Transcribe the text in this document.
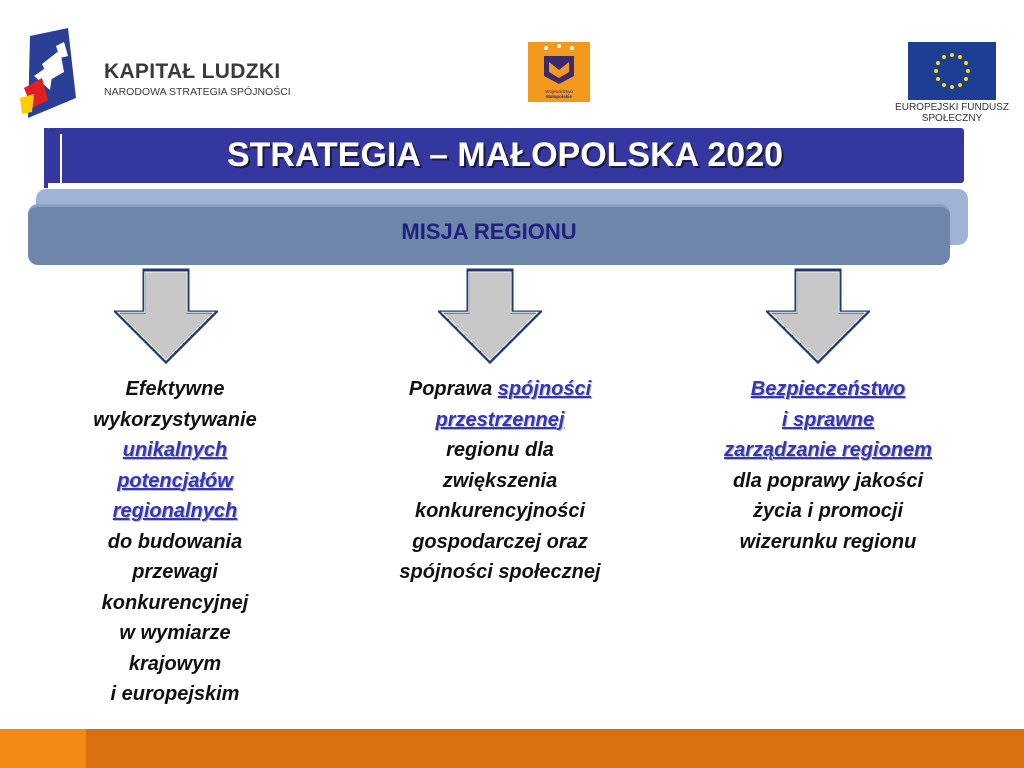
KAPITAŁ LUDZKI
NARODOWA STRATEGIA SPÓJNOŚCI	Województwo
Małopolskie
EUROPEJSKI FUNDUSZ
SPOŁECZNY
STRATEGIA – MAŁOPOLSKA 2020
MISJA REGIONU
Efektywne
wykorzystywanie
unikalnych
potencjałów
regionalnych
do budowania
przewagi
konkurencyjnej
w wymiarze
krajowym
i europejskim
Poprawa spójności
przestrzennej
regionu dla
zwiększenia
konkurencyjności
gospodarczej oraz
spójności społecznej
Bezpieczeństwo
i sprawne
zarządzanie regionem
dla poprawy jakości
życia i promocji
wizerunku regionu
